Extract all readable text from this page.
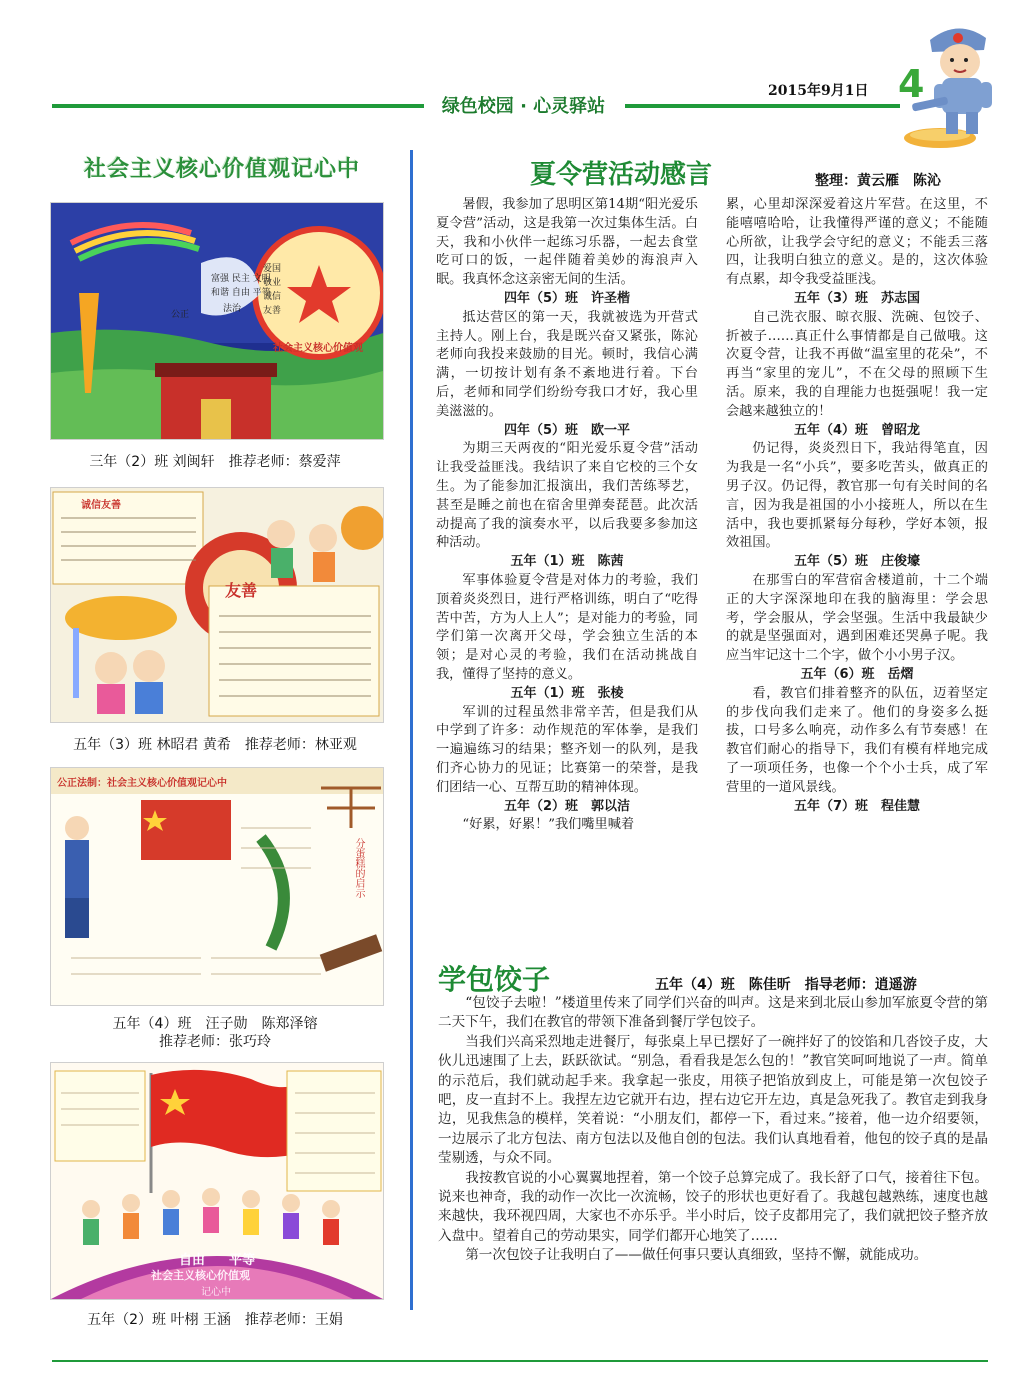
绿色校园 · 心灵驿站
2015年9月1日 4
社会主义核心价值观记心中
富强 民主 文明
和谐 自由 平等
法治
公正
爱国
敬业
诚信
友善
社会主义核心价值观
三年（2）班 刘闽轩　推荐老师：蔡爱萍
诚信友善
友善
五年（3）班 林昭君 黄希　推荐老师：林亚观
公正法制：社会主义核心价值观记心中
分蛋糕的启示
五年（4）班　汪子勋　陈郑泽镕
推荐老师：张巧玲
自由 平等
社会主义核心价值观
记心中
五年（2）班 叶栩 王涵　推荐老师：王娟
夏令营活动感言	整理：黄云雁　陈沁

暑假，我参加了思明区第14期“阳光爱乐夏令营”活动，这是我第一次过集体生活。白天，我和小伙伴一起练习乐器，一起去食堂吃可口的饭，一起伴随着美妙的海浪声入眠。我真怀念这亲密无间的生活。

四年（5）班　许圣楷

抵达营区的第一天，我就被选为开营式主持人。刚上台，我是既兴奋又紧张，陈沁老师向我投来鼓励的目光。顿时，我信心满满，一切按计划有条不紊地进行着。下台后，老师和同学们纷纷夸我口才好，我心里美滋滋的。

四年（5）班　欧一平

为期三天两夜的“阳光爱乐夏令营”活动让我受益匪浅。我结识了来自它校的三个女生。为了能参加汇报演出，我们苦练琴艺，甚至是睡之前也在宿舍里弹奏琵琶。此次活动提高了我的演奏水平，以后我要多参加这种活动。

五年（1）班　陈茜

军事体验夏令营是对体力的考验，我们顶着炎炎烈日，进行严格训练，明白了“吃得苦中苦，方为人上人”；是对能力的考验，同学们第一次离开父母，学会独立生活的本领；是对心灵的考验，我们在活动挑战自我，懂得了坚持的意义。

五年（1）班　张棱

军训的过程虽然非常辛苦，但是我们从中学到了许多：动作规范的军体拳，是我们一遍遍练习的结果；整齐划一的队列，是我们齐心协力的见证；比赛第一的荣誉，是我们团结一心、互帮互助的精神体现。

五年（2）班　郭以洁

“好累，好累！”我们嘴里喊着

累，心里却深深爱着这片军营。在这里，不能嘻嘻哈哈，让我懂得严谨的意义；不能随心所欲，让我学会守纪的意义；不能丢三落四，让我明白独立的意义。是的，这次体验有点累，却令我受益匪浅。

五年（3）班　苏志国

自己洗衣服、晾衣服、洗碗、包饺子、折被子……真正什么事情都是自己做哦。这次夏令营，让我不再做“温室里的花朵”，不再当“家里的宠儿”，不在父母的照顾下生活。原来，我的自理能力也挺强呢！我一定会越来越独立的！

五年（4）班　曾昭龙

仍记得，炎炎烈日下，我站得笔直，因为我是一名“小兵”，要多吃苦头，做真正的男子汉。仍记得，教官那一句有关时间的名言，因为我是祖国的小小接班人，所以在生活中，我也要抓紧每分每秒，学好本领，报效祖国。

五年（5）班　庄俊壕

在那雪白的军营宿舍楼道前，十二个端正的大字深深地印在我的脑海里：学会思考，学会服从，学会坚强。生活中我最缺少的就是坚强面对，遇到困难还哭鼻子呢。我应当牢记这十二个字，做个小小男子汉。

五年（6）班　岳熠

看，教官们排着整齐的队伍，迈着坚定的步伐向我们走来了。他们的身姿多么挺拔，口号多么响亮，动作多么有节奏感！在教官们耐心的指导下，我们有模有样地完成了一项项任务，也像一个个小士兵，成了军营里的一道风景线。

五年（7）班　程佳慧

学包饺子	五年（4）班　陈佳昕　指导老师：逍遥游

“包饺子去啦！”楼道里传来了同学们兴奋的叫声。这是来到北辰山参加军旅夏令营的第二天下午，我们在教官的带领下准备到餐厅学包饺子。

当我们兴高采烈地走进餐厅，每张桌上早已摆好了一碗拌好了的饺馅和几沓饺子皮，大伙儿迅速围了上去，跃跃欲试。“别急，看看我是怎么包的！”教官笑呵呵地说了一声。简单的示范后，我们就动起手来。我拿起一张皮，用筷子把馅放到皮上，可能是第一次包饺子吧，皮一直封不上。我捏左边它就开右边，捏右边它开左边，真是急死我了。教官走到我身边，见我焦急的模样，笑着说：“小朋友们，都停一下，看过来。”接着，他一边介绍要领，一边展示了北方包法、南方包法以及他自创的包法。我们认真地看着，他包的饺子真的是晶莹剔透，与众不同。

我按教官说的小心翼翼地捏着，第一个饺子总算完成了。我长舒了口气，接着往下包。说来也神奇，我的动作一次比一次流畅，饺子的形状也更好看了。我越包越熟练，速度也越来越快，我环视四周，大家也不亦乐乎。半小时后，饺子皮都用完了，我们就把饺子整齐放入盘中。望着自己的劳动果实，同学们都开心地笑了……

第一次包饺子让我明白了——做任何事只要认真细致，坚持不懈，就能成功。
